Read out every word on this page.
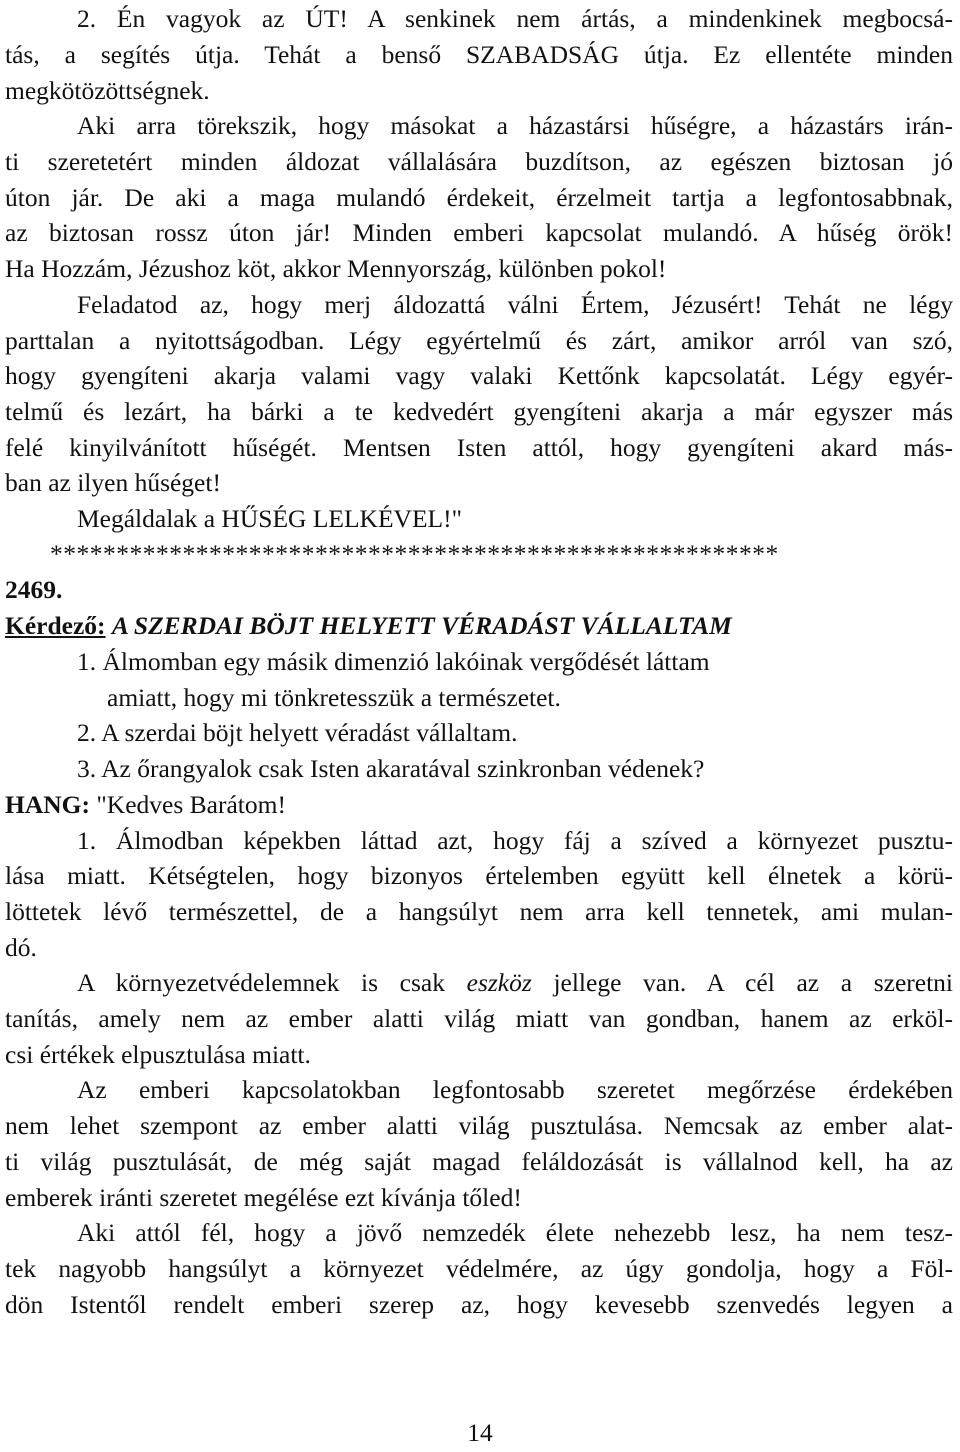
2. Én vagyok az ÚT! A senkinek nem ártás, a mindenkinek megbocsá-
tás, a segítés útja. Tehát a benső SZABADSÁG útja. Ez ellentéte minden
megkötözöttségnek.
Aki arra törekszik, hogy másokat a házastársi hűségre, a házastárs irán-
ti szeretetért minden áldozat vállalására buzdítson, az egészen biztosan jó
úton jár. De aki a maga mulandó érdekeit, érzelmeit tartja a legfontosabbnak,
az biztosan rossz úton jár! Minden emberi kapcsolat mulandó. A hűség örök!
Ha Hozzám, Jézushoz köt, akkor Mennyország, különben pokol!
Feladatod az, hogy merj áldozattá válni Értem, Jézusért! Tehát ne légy
parttalan a nyitottságodban. Légy egyértelmű és zárt, amikor arról van szó,
hogy gyengíteni akarja valami vagy valaki Kettőnk kapcsolatát. Légy egyér-
telmű és lezárt, ha bárki a te kedvedért gyengíteni akarja a már egyszer más
felé kinyilvánított hűségét. Mentsen Isten attól, hogy gyengíteni akard más-
ban az ilyen hűséget!
Megáldalak a HŰSÉG LELKÉVEL!"
*******************************************************
2469.
Kérdező: A SZERDAI BÖJT HELYETT VÉRADÁST VÁLLALTAM
1. Álmomban egy másik dimenzió lakóinak vergődését láttam
amiatt, hogy mi tönkretesszük a természetet.
2. A szerdai böjt helyett véradást vállaltam.
3. Az őrangyalok csak Isten akaratával szinkronban védenek?
HANG: "Kedves Barátom!
1. Álmodban képekben láttad azt, hogy fáj a szíved a környezet pusztu-
lása miatt. Kétségtelen, hogy bizonyos értelemben együtt kell élnetek a körü-
löttetek lévő természettel, de a hangsúlyt nem arra kell tennetek, ami mulan-
dó.
A környezetvédelemnek is csak eszköz jellege van. A cél az a szeretni
tanítás, amely nem az ember alatti világ miatt van gondban, hanem az erköl-
csi értékek elpusztulása miatt.
Az emberi kapcsolatokban legfontosabb szeretet megőrzése érdekében
nem lehet szempont az ember alatti világ pusztulása. Nemcsak az ember alat-
ti világ pusztulását, de még saját magad feláldozását is vállalnod kell, ha az
emberek iránti szeretet megélése ezt kívánja tőled!
Aki attól fél, hogy a jövő nemzedék élete nehezebb lesz, ha nem tesz-
tek nagyobb hangsúlyt a környezet védelmére, az úgy gondolja, hogy a Föl-
dön Istentől rendelt emberi szerep az, hogy kevesebb szenvedés legyen a
14
